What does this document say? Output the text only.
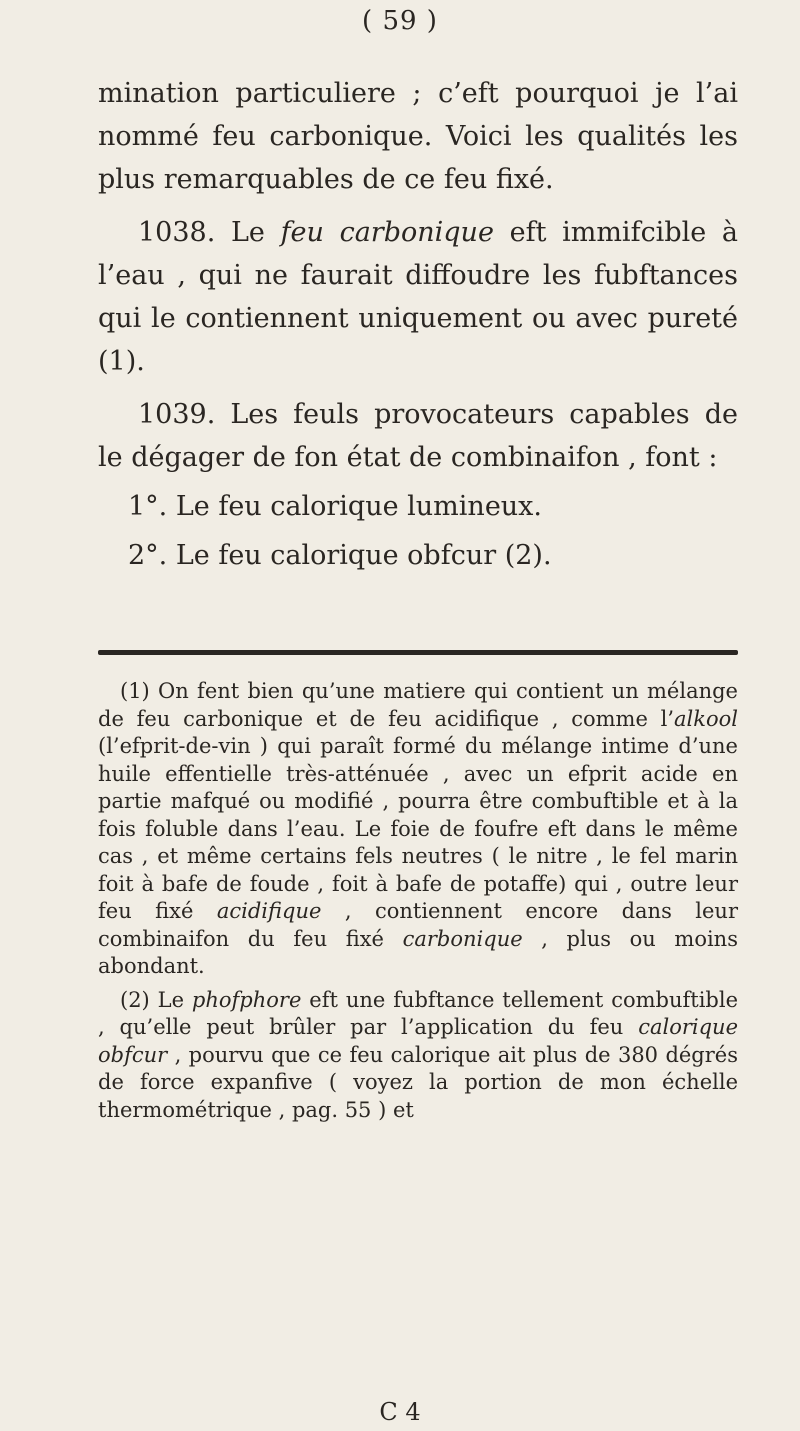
( 59 )

mination particuliere ; c’eft pourquoi je l’ai

nommé feu carbonique. Voici les qualités les

plus remarquables de ce feu fixé.

1038. Le feu carbonique eft immifcible à l’eau , qui ne faurait diffoudre les fubftances qui le contiennent uniquement ou avec pureté (1).

1039. Les feuls provocateurs capables de le dégager de fon état de combinaifon , font :

1°. Le feu calorique lumineux.

2°. Le feu calorique obfcur (2).

(1) On fent bien qu’une matiere qui contient un mélange de feu carbonique et de feu acidifique , comme l’alkool (l’efprit-de-vin ) qui paraît formé du mélange intime d’une huile effentielle très-atténuée , avec un efprit acide en partie mafqué ou modifié , pourra être combuftible et à la fois foluble dans l’eau. Le foie de foufre eft dans le même cas , et même certains fels neutres ( le nitre , le fel marin foit à bafe de foude , foit à bafe de potaffe) qui , outre leur feu fixé acidifique , contiennent encore dans leur combinaifon du feu fixé carbonique , plus ou moins abondant.

(2) Le phofphore eft une fubftance tellement combuftible , qu’elle peut brûler par l’application du feu calorique obfcur , pourvu que ce feu calorique ait plus de 380 dégrés de force expanfive ( voyez la portion de mon échelle thermométrique , pag. 55 ) et

C 4
